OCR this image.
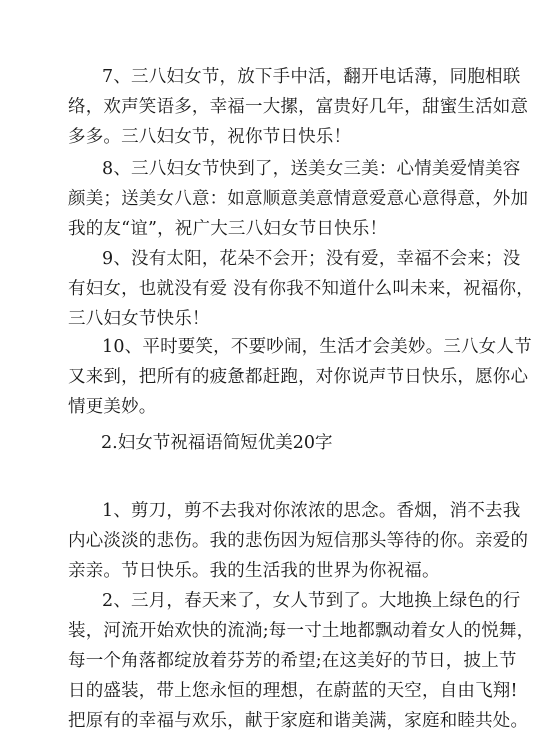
7、三八妇女节，放下手中活，翻开电话薄，同胞相联
络，欢声笑语多，幸福一大摞，富贵好几年，甜蜜生活如意
多多。三八妇女节，祝你节日快乐！
8、三八妇女节快到了，送美女三美：心情美爱情美容
颜美；送美女八意：如意顺意美意情意爱意心意得意，外加
我的友“谊”，祝广大三八妇女节日快乐！
9、没有太阳，花朵不会开；没有爱，幸福不会来；没
有妇女，也就没有爱 没有你我不知道什么叫未来，祝福你，
三八妇女节快乐！
10、平时要笑，不要吵闹，生活才会美妙。三八女人节
又来到，把所有的疲惫都赶跑，对你说声节日快乐，愿你心
情更美妙。
2.妇女节祝福语简短优美20字
1、剪刀，剪不去我对你浓浓的思念。香烟，消不去我
内心淡淡的悲伤。我的悲伤因为短信那头等待的你。亲爱的
亲亲。节日快乐。我的生活我的世界为你祝福。
2、三月，春天来了，女人节到了。大地换上绿色的行
装，河流开始欢快的流淌;每一寸土地都飘动着女人的悦舞，
每一个角落都绽放着芬芳的希望;在这美好的节日，披上节
日的盛装，带上您永恒的理想，在蔚蓝的天空，自由飞翔!
把原有的幸福与欢乐，献于家庭和谐美满，家庭和睦共处。
